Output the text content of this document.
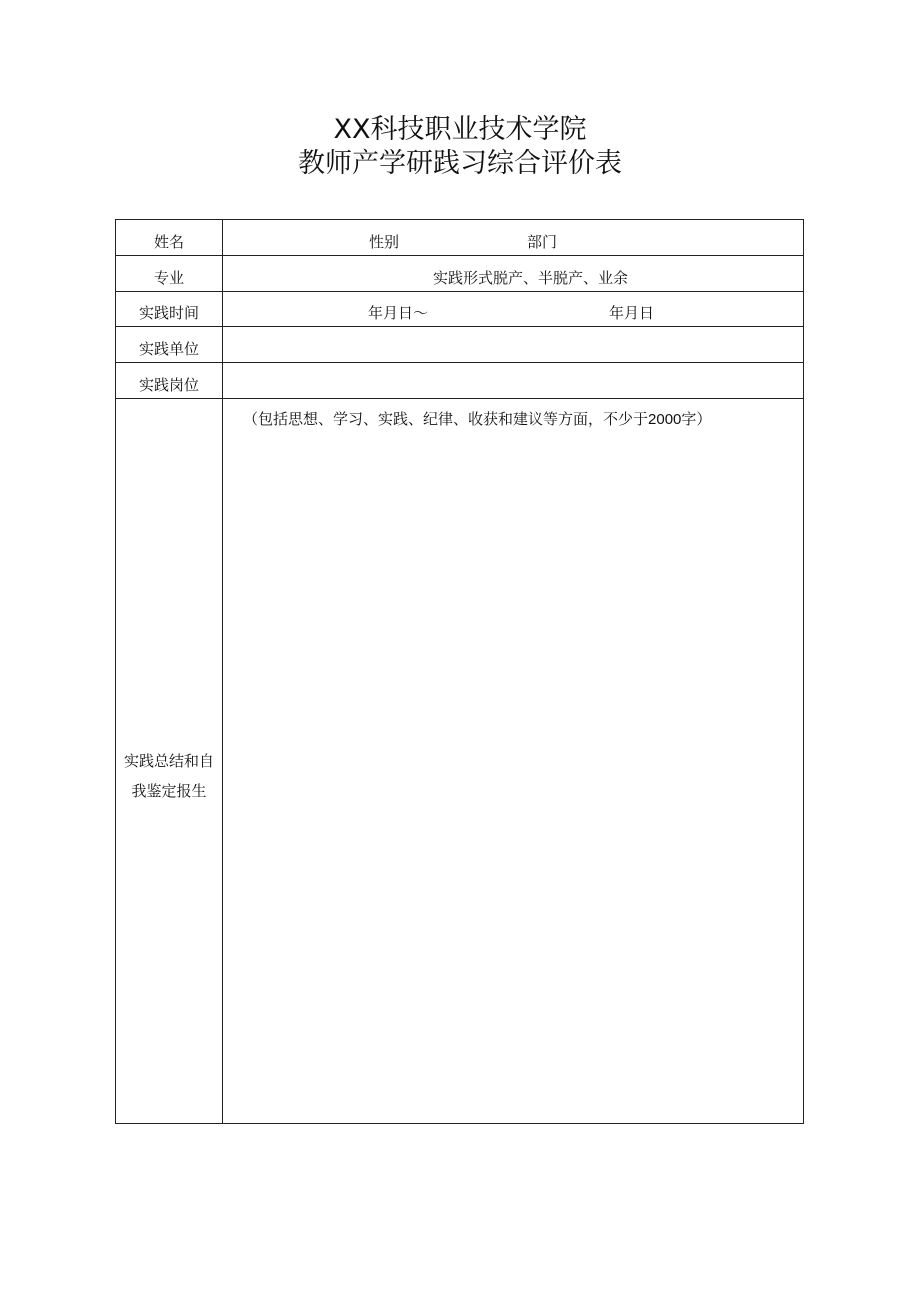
XX科技职业技术学院
教师产学研践习综合评价表
姓名	性别 部门

专业	实践形式脱产、半脱产、业余

实践时间	年月日～ 年月日

实践单位	
实践岗位	
实践总结和自我鉴定报生	（包括思想、学习、实践、纪律、收获和建议等方面，不少于2000字）
